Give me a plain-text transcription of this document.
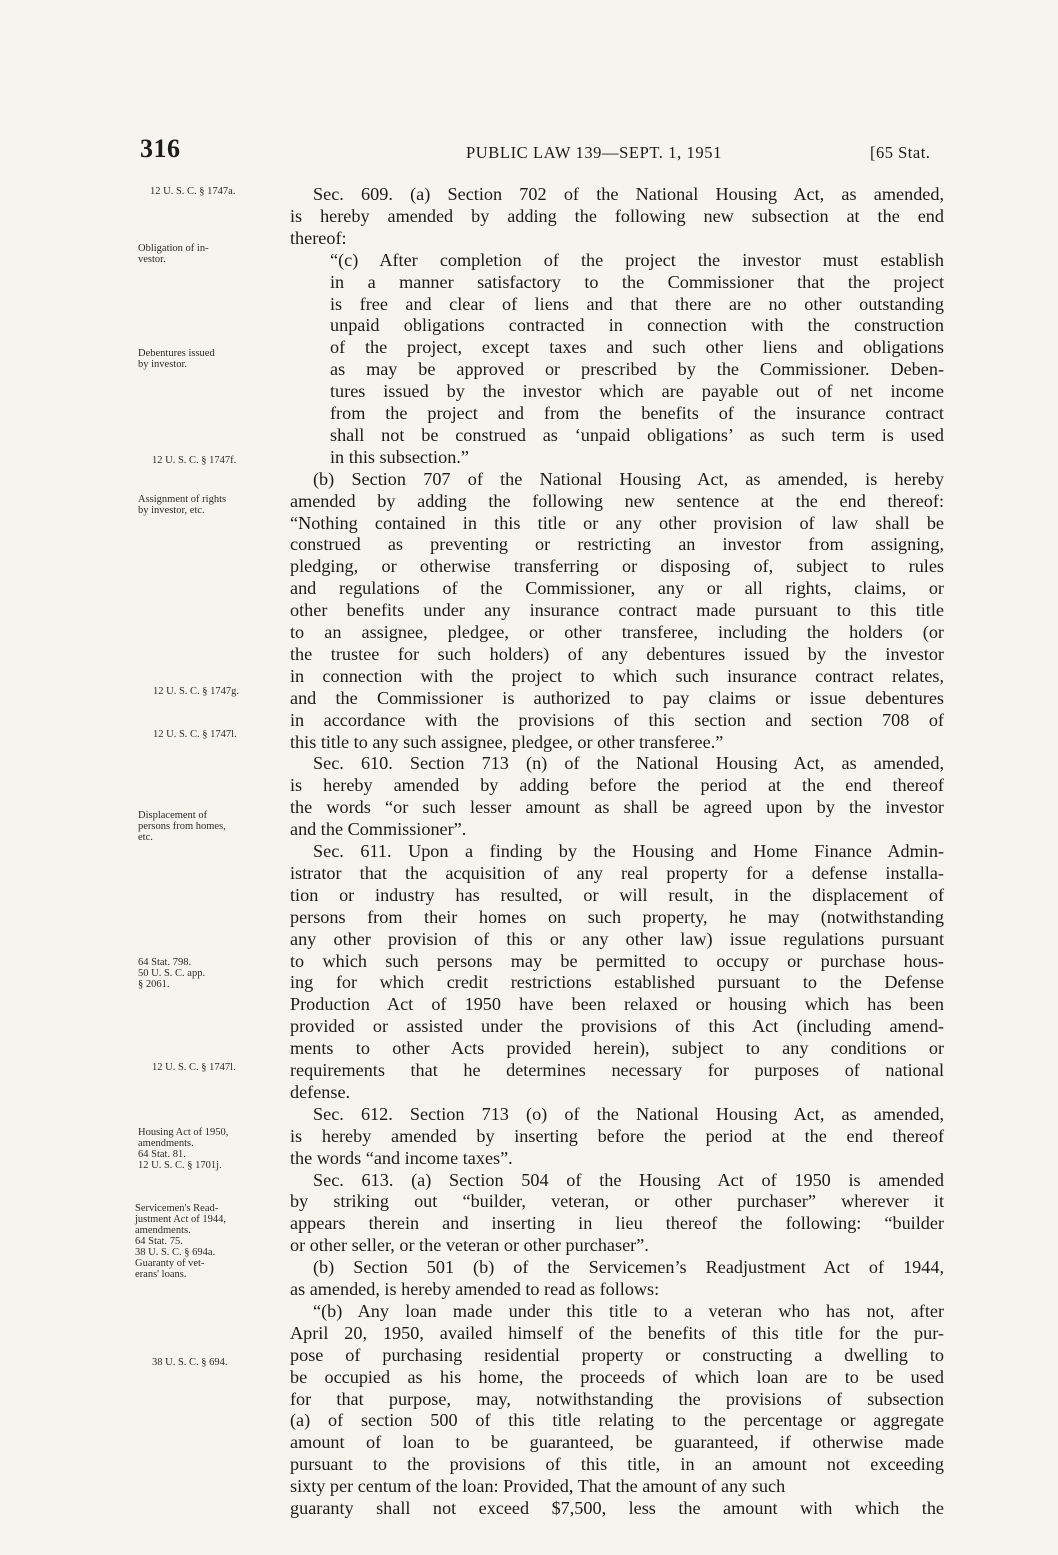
316	PUBLIC LAW 139—SEPT. 1, 1951	[65 Stat.
12 U. S. C. § 1747a.
Obligation of in-
vestor.
Debentures issued
by investor.
12 U. S. C. § 1747f.
Assignment of rights
by investor, etc.
12 U. S. C. § 1747g.
12 U. S. C. § 1747l.
Displacement of
persons from homes,
etc.
64 Stat. 798.
50 U. S. C. app.
§ 2061.
12 U. S. C. § 1747l.
Housing Act of 1950,
amendments.
64 Stat. 81.
12 U. S. C. § 1701j.
Servicemen's Read-
justment Act of 1944,
amendments.
64 Stat. 75.
38 U. S. C. § 694a.
Guaranty of vet-
erans' loans.
38 U. S. C. § 694.
Sec. 609. (a) Section 702 of the National Housing Act, as amended,
is hereby amended by adding the following new subsection at the end
thereof:
“(c) After completion of the project the investor must establish
in a manner satisfactory to the Commissioner that the project
is free and clear of liens and that there are no other outstanding
unpaid obligations contracted in connection with the construction
of the project, except taxes and such other liens and obligations
as may be approved or prescribed by the Commissioner. Deben-
tures issued by the investor which are payable out of net income
from the project and from the benefits of the insurance contract
shall not be construed as ‘unpaid obligations’ as such term is used
in this subsection.”
(b) Section 707 of the National Housing Act, as amended, is hereby
amended by adding the following new sentence at the end thereof:
“Nothing contained in this title or any other provision of law shall be
construed as preventing or restricting an investor from assigning,
pledging, or otherwise transferring or disposing of, subject to rules
and regulations of the Commissioner, any or all rights, claims, or
other benefits under any insurance contract made pursuant to this title
to an assignee, pledgee, or other transferee, including the holders (or
the trustee for such holders) of any debentures issued by the investor
in connection with the project to which such insurance contract relates,
and the Commissioner is authorized to pay claims or issue debentures
in accordance with the provisions of this section and section 708 of
this title to any such assignee, pledgee, or other transferee.”
Sec. 610. Section 713 (n) of the National Housing Act, as amended,
is hereby amended by adding before the period at the end thereof
the words “or such lesser amount as shall be agreed upon by the investor
and the Commissioner”.
Sec. 611. Upon a finding by the Housing and Home Finance Admin-
istrator that the acquisition of any real property for a defense installa-
tion or industry has resulted, or will result, in the displacement of
persons from their homes on such property, he may (notwithstanding
any other provision of this or any other law) issue regulations pursuant
to which such persons may be permitted to occupy or purchase hous-
ing for which credit restrictions established pursuant to the Defense
Production Act of 1950 have been relaxed or housing which has been
provided or assisted under the provisions of this Act (including amend-
ments to other Acts provided herein), subject to any conditions or
requirements that he determines necessary for purposes of national
defense.
Sec. 612. Section 713 (o) of the National Housing Act, as amended,
is hereby amended by inserting before the period at the end thereof
the words “and income taxes”.
Sec. 613. (a) Section 504 of the Housing Act of 1950 is amended
by striking out “builder, veteran, or other purchaser” wherever it
appears therein and inserting in lieu thereof the following: “builder
or other seller, or the veteran or other purchaser”.
(b) Section 501 (b) of the Servicemen’s Readjustment Act of 1944,
as amended, is hereby amended to read as follows:
“(b) Any loan made under this title to a veteran who has not, after
April 20, 1950, availed himself of the benefits of this title for the pur-
pose of purchasing residential property or constructing a dwelling to
be occupied as his home, the proceeds of which loan are to be used
for that purpose, may, notwithstanding the provisions of subsection
(a) of section 500 of this title relating to the percentage or aggregate
amount of loan to be guaranteed, be guaranteed, if otherwise made
pursuant to the provisions of this title, in an amount not exceeding
sixty per centum of the loan: Provided, That the amount of any such
guaranty shall not exceed $7,500, less the amount with which the
